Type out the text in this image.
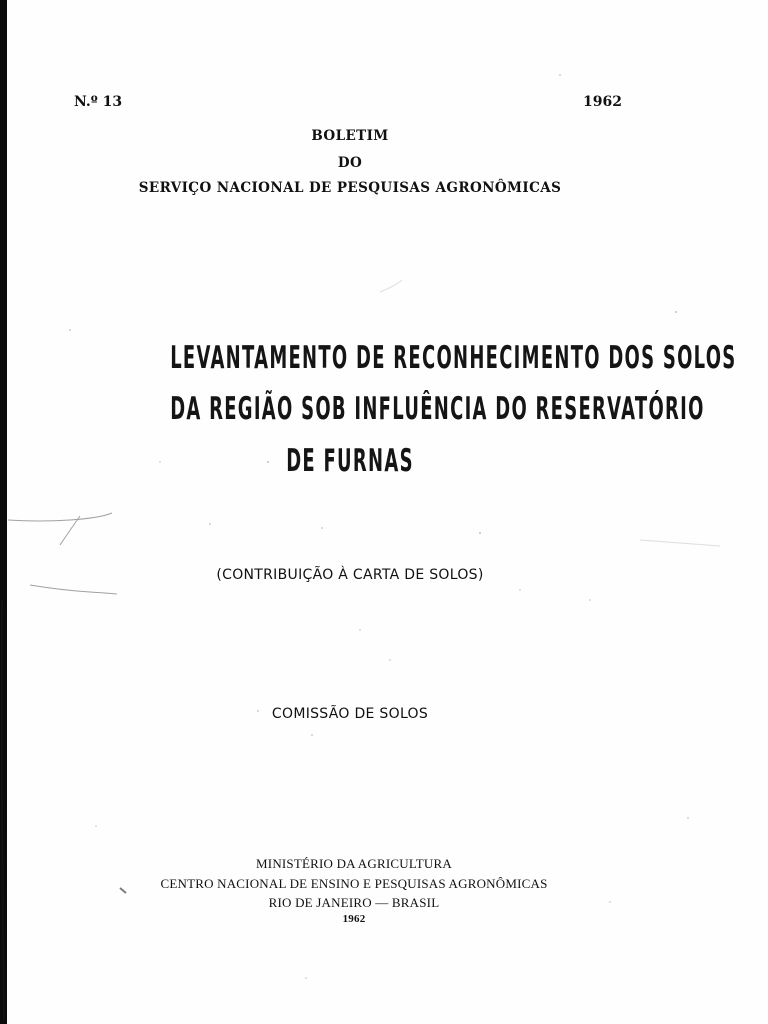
N.º 13	1962
BOLETIM
DO
SERVIÇO NACIONAL DE PESQUISAS AGRONÔMICAS
LEVANTAMENTO DE RECONHECIMENTO DOS SOLOS
DA REGIÃO SOB INFLUÊNCIA DO RESERVATÓRIO
DE FURNAS
(CONTRIBUIÇÃO À CARTA DE SOLOS)
COMISSÃO DE SOLOS
MINISTÉRIO DA AGRICULTURA
CENTRO NACIONAL DE ENSINO E PESQUISAS AGRONÔMICAS
RIO DE JANEIRO — BRASIL
1962
